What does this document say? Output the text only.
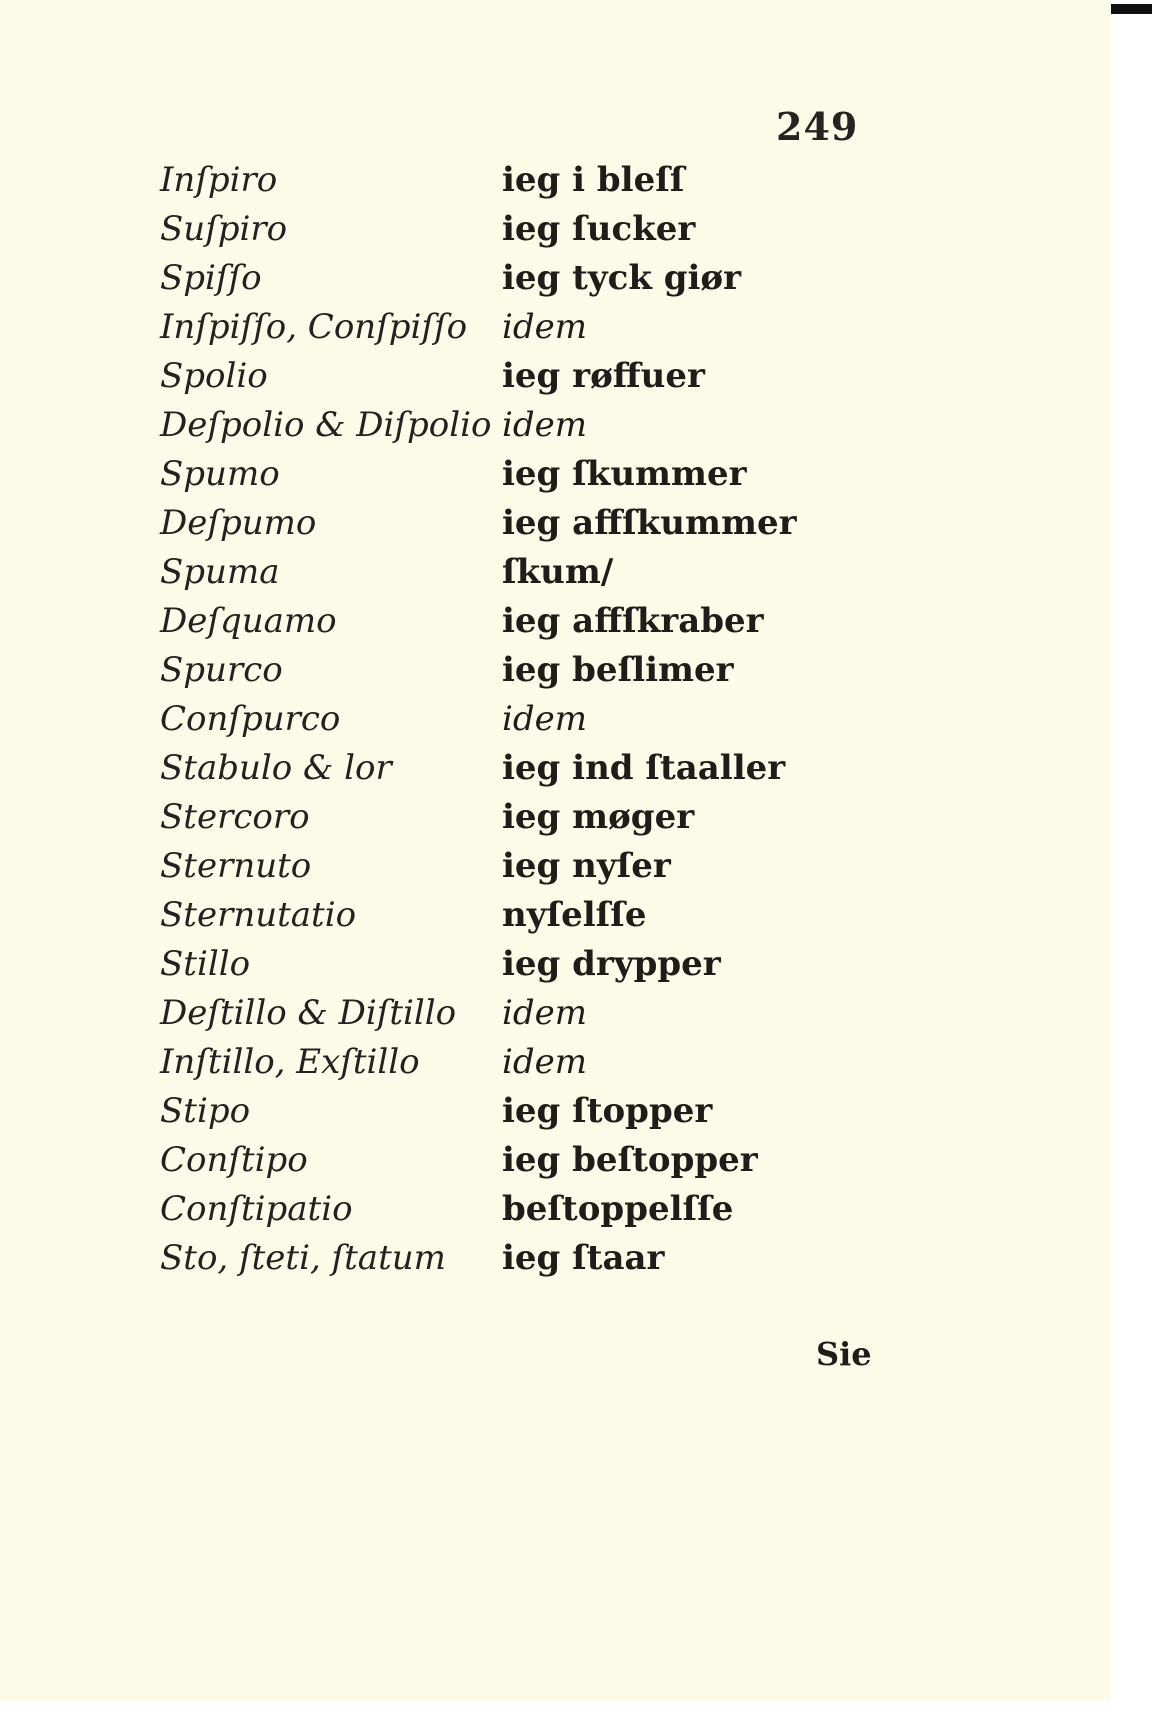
249
Inſpiro	ieg i bleſſ
Suſpiro	ieg ſucker
Spiſſo	ieg tyck giør
Inſpiſſo, Conſpiſſo idem
Spolio	ieg røffuer
Deſpolio & Diſpolio idem
Spumo	ieg ſkummer
Deſpumo	ieg affſkummer
Spuma	ſkum/
Deſquamo	ieg affſkraber
Spurco	ieg beſlimer
Conſpurco	idem
Stabulo & lor	ieg ind ſtaaller
Stercoro	ieg møger
Sternuto	ieg nyſer
Sternutatio	nyſelſſe
Stillo	ieg drypper
Deſtillo & Diſtillo idem
Inſtillo, Exſtillo idem
Stipo	ieg ſtopper
Conſtipo	ieg beſtopper
Conſtipatio	beſtoppelſſe
Sto, ſteti, ſtatum ieg ſtaar
Sie
